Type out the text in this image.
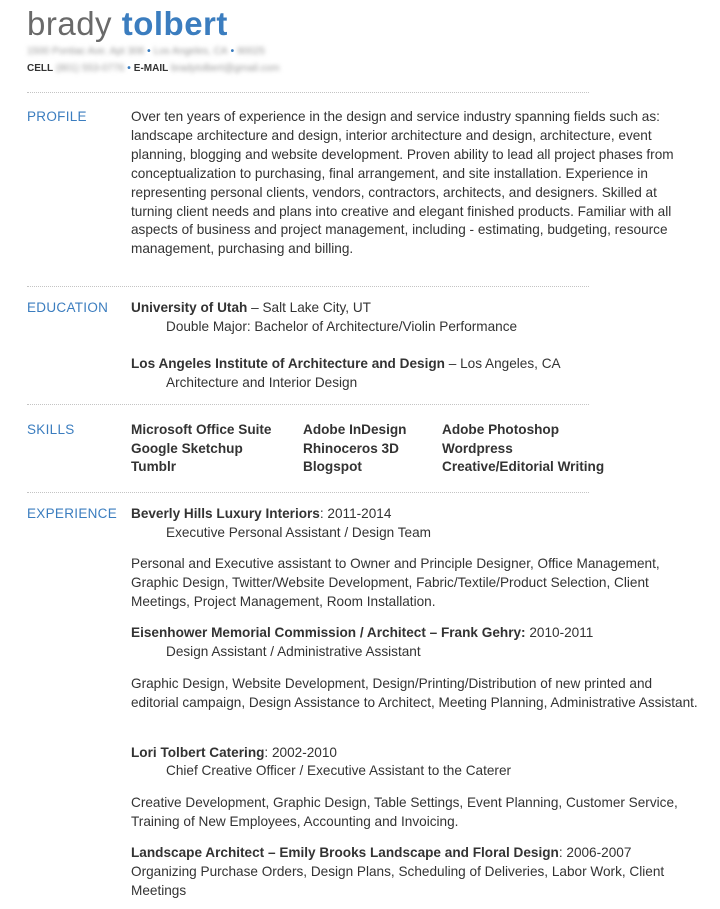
brady tolbert
1500 Pontiac Ave. Apt 308 • Los Angeles, CA • 90025
CELL (801) 553-0776 • E-MAIL bradytolbert@gmail.com
PROFILE	Over ten years of experience in the design and service industry spanning fields such as: landscape architecture and design, interior architecture and design, architecture, event planning, blogging and website development. Proven ability to lead all project phases from conceptualization to purchasing, final arrangement, and site installation. Experience in representing personal clients, vendors, contractors, architects, and designers. Skilled at turning client needs and plans into creative and elegant finished products. Familiar with all aspects of business and project management, including - estimating, budgeting, resource management, purchasing and billing.

EDUCATION University of Utah – Salt Lake City, UT
Double Major: Bachelor of Architecture/Violin Performance
Los Angeles Institute of Architecture and Design – Los Angeles, CA
Architecture and Interior Design
SKILLS	Microsoft Office Suite
Google Sketchup
Tumblr
Adobe InDesign
Rhinoceros 3D
Blogspot
Adobe Photoshop
Wordpress
Creative/Editorial Writing
EXPERIENCE Beverly Hills Luxury Interiors: 2011-2014
Executive Personal Assistant / Design Team

Personal and Executive assistant to Owner and Principle Designer, Office Management, Graphic Design, Twitter/Website Development, Fabric/Textile/Product Selection, Client Meetings, Project Management, Room Installation.

Eisenhower Memorial Commission / Architect – Frank Gehry: 2010-2011
Design Assistant / Administrative Assistant

Graphic Design, Website Development, Design/Printing/Distribution of new printed and editorial campaign, Design Assistance to Architect, Meeting Planning, Administrative Assistant.

Lori Tolbert Catering: 2002-2010
Chief Creative Officer / Executive Assistant to the Caterer

Creative Development, Graphic Design, Table Settings, Event Planning, Customer Service, Training of New Employees, Accounting and Invoicing.

Landscape Architect – Emily Brooks Landscape and Floral Design: 2006-2007

Organizing Purchase Orders, Design Plans, Scheduling of Deliveries, Labor Work, Client Meetings
